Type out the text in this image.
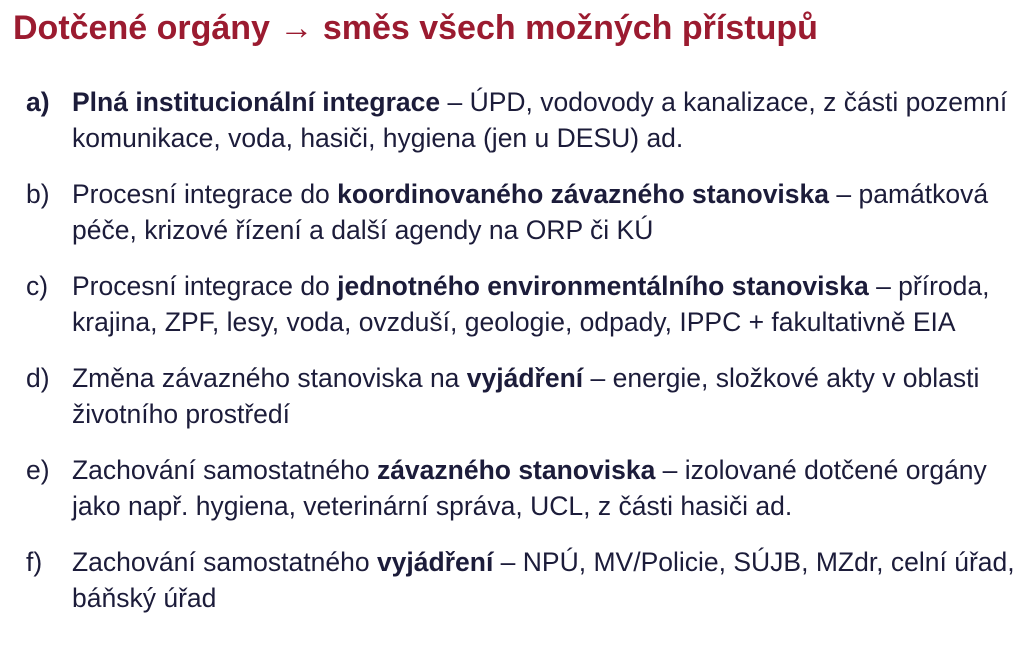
Dotčené orgány → směs všech možných přístupů
a) Plná institucionální integrace – ÚPD, vodovody a kanalizace, z části pozemní komunikace, voda, hasiči, hygiena (jen u DESU) ad.
b) Procesní integrace do koordinovaného závazného stanoviska – památková péče, krizové řízení a další agendy na ORP či KÚ
c) Procesní integrace do jednotného environmentálního stanoviska – příroda, krajina, ZPF, lesy, voda, ovzduší, geologie, odpady, IPPC + fakultativně EIA
d) Změna závazného stanoviska na vyjádření – energie, složkové akty v oblasti životního prostředí
e) Zachování samostatného závazného stanoviska – izolované dotčené orgány jako např. hygiena, veterinární správa, UCL, z části hasiči ad.
f) Zachování samostatného vyjádření – NPÚ, MV/Policie, SÚJB, MZdr, celní úřad, báňský úřad
